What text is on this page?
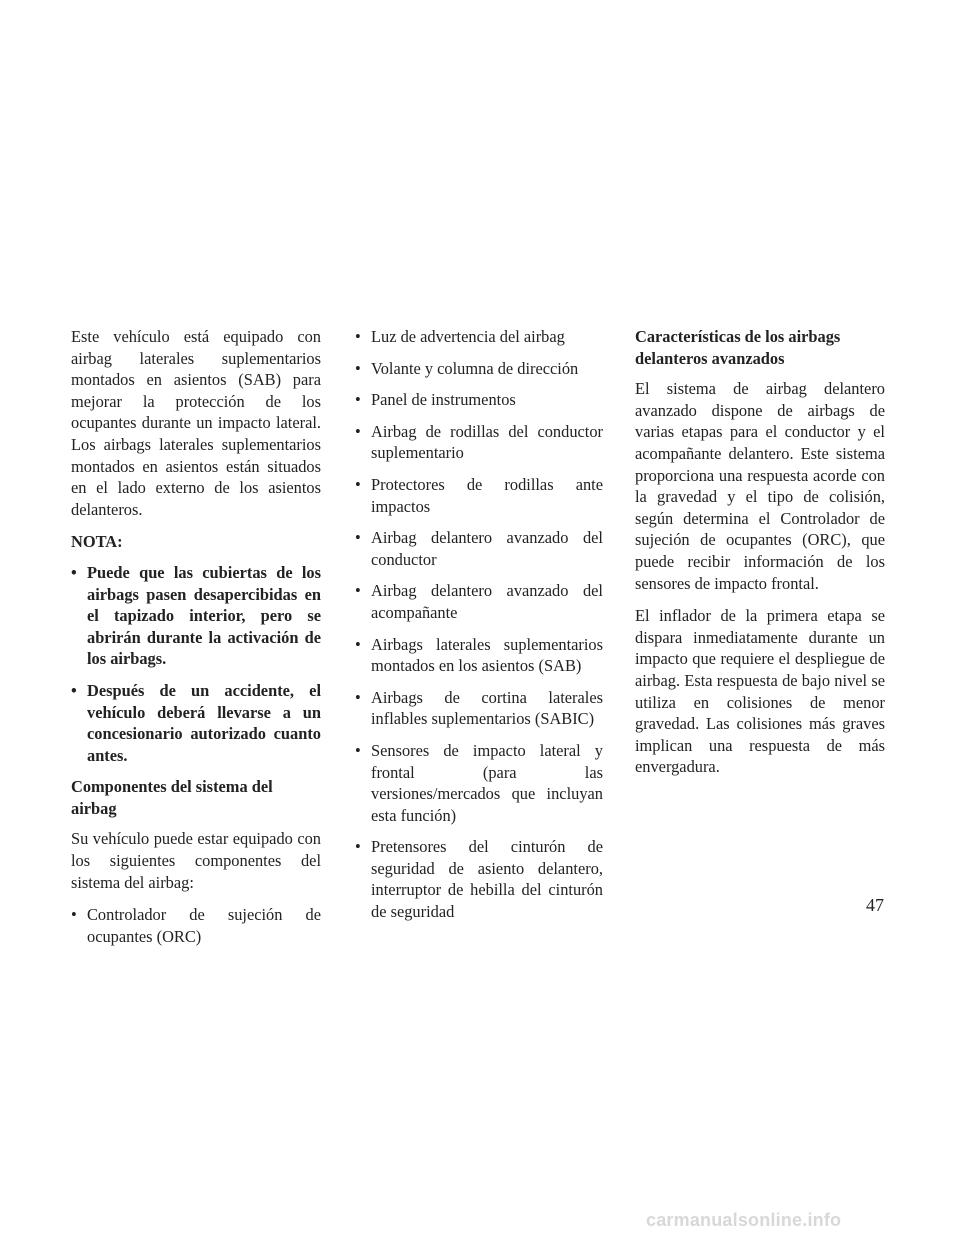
Este vehículo está equipado con airbag laterales suplementarios montados en asientos (SAB) para mejorar la protección de los ocupantes durante un impacto lateral. Los airbags laterales suplementarios montados en asientos están situados en el lado externo de los asientos delanteros.

NOTA:

• Puede que las cubiertas de los airbags pasen desapercibidas en el tapizado interior, pero se abrirán durante la activación de los airbags.
• Después de un accidente, el vehículo deberá llevarse a un concesionario autorizado cuanto antes.

Componentes del sistema del airbag

Su vehículo puede estar equipado con los siguientes componentes del sistema del airbag:

• Controlador de sujeción de ocupantes (ORC)
• Luz de advertencia del airbag
• Volante y columna de dirección
• Panel de instrumentos
• Airbag de rodillas del conductor suplementario
• Protectores de rodillas ante impactos
• Airbag delantero avanzado del conductor
• Airbag delantero avanzado del acompañante
• Airbags laterales suplementarios montados en los asientos (SAB)
• Airbags de cortina laterales inflables suplementarios (SABIC)
• Sensores de impacto lateral y frontal (para las versiones/mercados que incluyan esta función)
• Pretensores del cinturón de seguridad de asiento delantero, interruptor de hebilla del cinturón de seguridad

Características de los airbags delanteros avanzados

El sistema de airbag delantero avanzado dispone de airbags de varias etapas para el conductor y el acompañante delantero. Este sistema proporciona una respuesta acorde con la gravedad y el tipo de colisión, según determina el Controlador de sujeción de ocupantes (ORC), que puede recibir información de los sensores de impacto frontal.

El inflador de la primera etapa se dispara inmediatamente durante un impacto que requiere el despliegue de airbag. Esta respuesta de bajo nivel se utiliza en colisiones de menor gravedad. Las colisiones más graves implican una respuesta de más envergadura.

47
carmanualsonline.info
